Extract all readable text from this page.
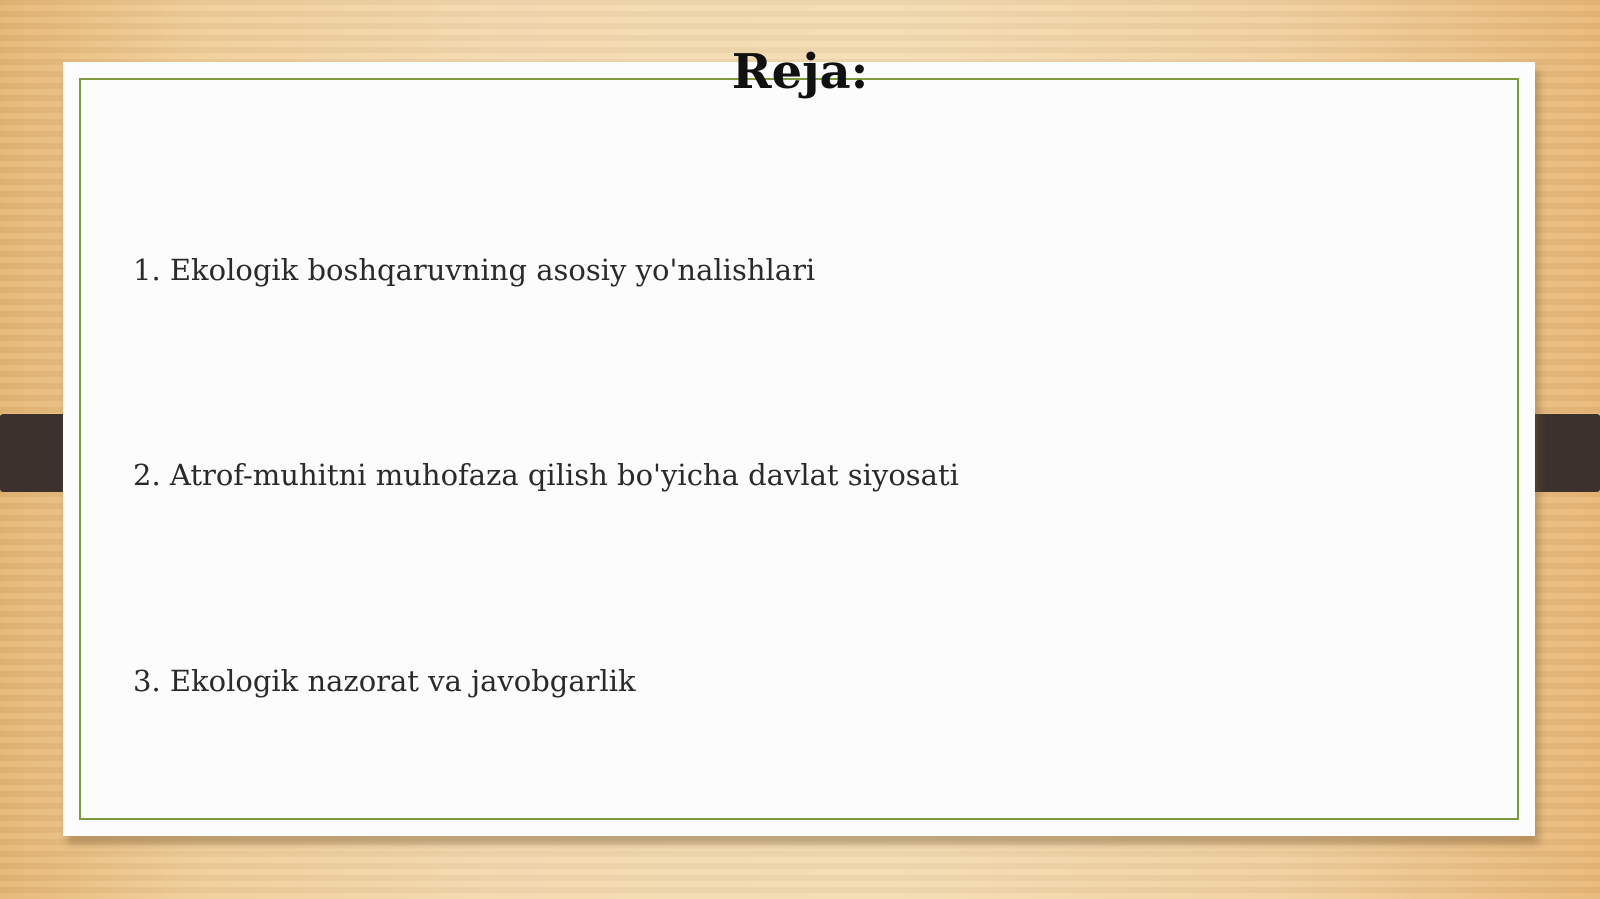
Reja:
1. Ekologik boshqaruvning asosiy yo'nalishlari
2. Atrof-muhitni muhofaza qilish bo'yicha davlat siyosati
3. Ekologik nazorat va javobgarlik
